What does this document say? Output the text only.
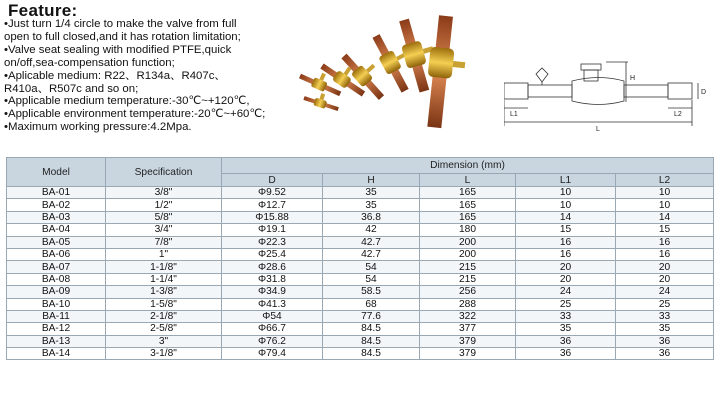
Feature:
•Just turn 1/4 circle to make the valve from full
open to full closed,and it has rotation limitation;
•Valve seat sealing with modified PTFE,quick
on/off,sea-compensation function;
•Aplicable medium: R22、R134a、R407c、
R410a、R507c and so on;
•Applicable medium temperature:-30℃~+120℃,
•Applicable environment temperature:-20℃~+60℃;
•Maximum working pressure:4.2Mpa.
H
D
L1	L2
L
Model	Specification	Dimension (mm)				
		D	H	L	L1	L2
BA-01	3/8"	Φ9.52	35	165	10	10
BA-02	1/2"	Φ12.7	35	165	10	10
BA-03	5/8"	Φ15.88	36.8	165	14	14
BA-04	3/4"	Φ19.1	42	180	15	15
BA-05	7/8"	Φ22.3	42.7	200	16	16
BA-06	1"	Φ25.4	42.7	200	16	16
BA-07	1-1/8"	Φ28.6	54	215	20	20
BA-08	1-1/4"	Φ31.8	54	215	20	20
BA-09	1-3/8"	Φ34.9	58.5	256	24	24
BA-10	1-5/8"	Φ41.3	68	288	25	25
BA-11	2-1/8"	Φ54	77.6	322	33	33
BA-12	2-5/8"	Φ66.7	84.5	377	35	35
BA-13	3"	Φ76.2	84.5	379	36	36
BA-14	3-1/8"	Φ79.4	84.5	379	36	36
